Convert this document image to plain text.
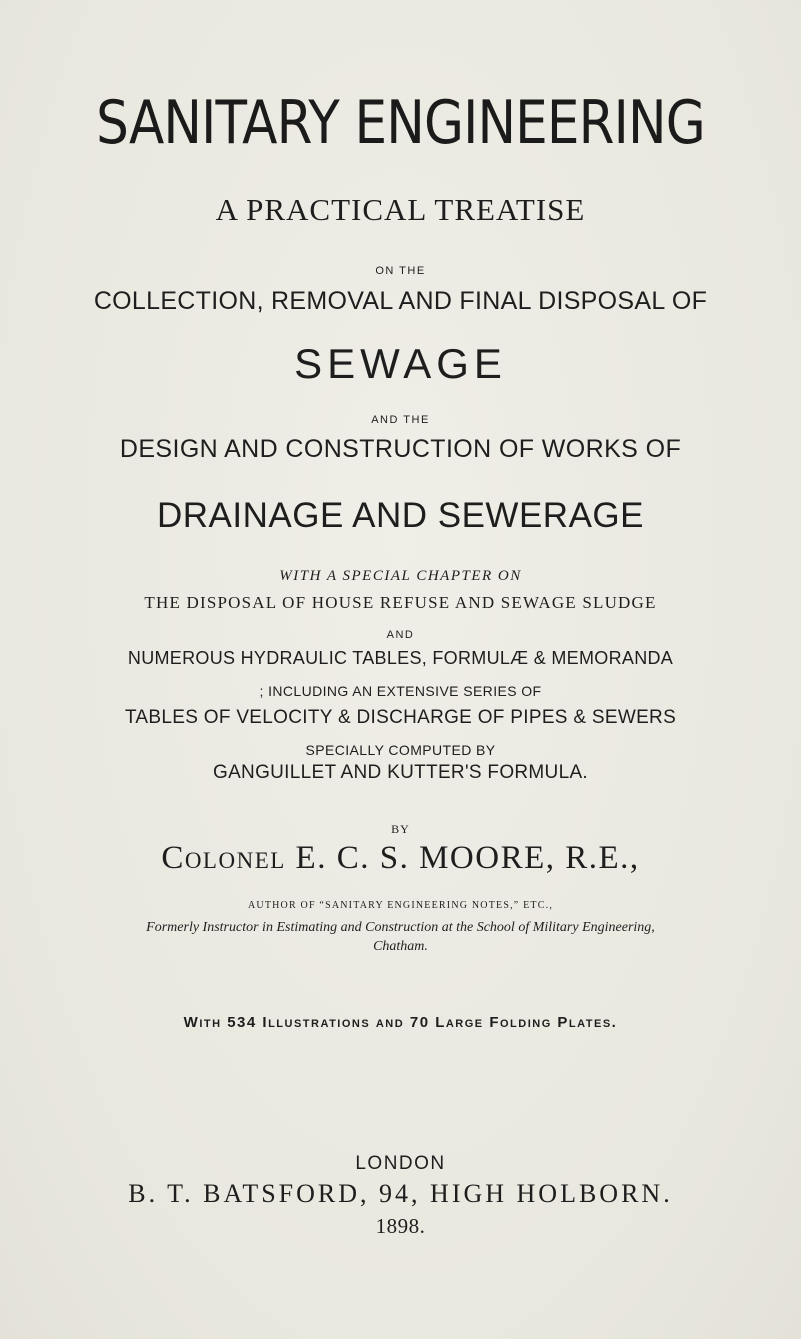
SANITARY ENGINEERING
A PRACTICAL TREATISE
ON THE
COLLECTION, REMOVAL AND FINAL DISPOSAL OF
SEWAGE
AND THE
DESIGN AND CONSTRUCTION OF WORKS OF
DRAINAGE AND SEWERAGE
WITH A SPECIAL CHAPTER ON
THE DISPOSAL OF HOUSE REFUSE AND SEWAGE SLUDGE
AND
NUMEROUS HYDRAULIC TABLES, FORMULÆ & MEMORANDA
; INCLUDING AN EXTENSIVE SERIES OF
TABLES OF VELOCITY & DISCHARGE OF PIPES & SEWERS
SPECIALLY COMPUTED BY
GANGUILLET AND KUTTER'S FORMULA.
BY
Colonel E. C. S. MOORE, R.E.,
AUTHOR OF “SANITARY ENGINEERING NOTES,” ETC.,
Formerly Instructor in Estimating and Construction at the School of Military Engineering, Chatham.
With 534 Illustrations and 70 Large Folding Plates.
LONDON
B. T. BATSFORD, 94, HIGH HOLBORN.
1898.
